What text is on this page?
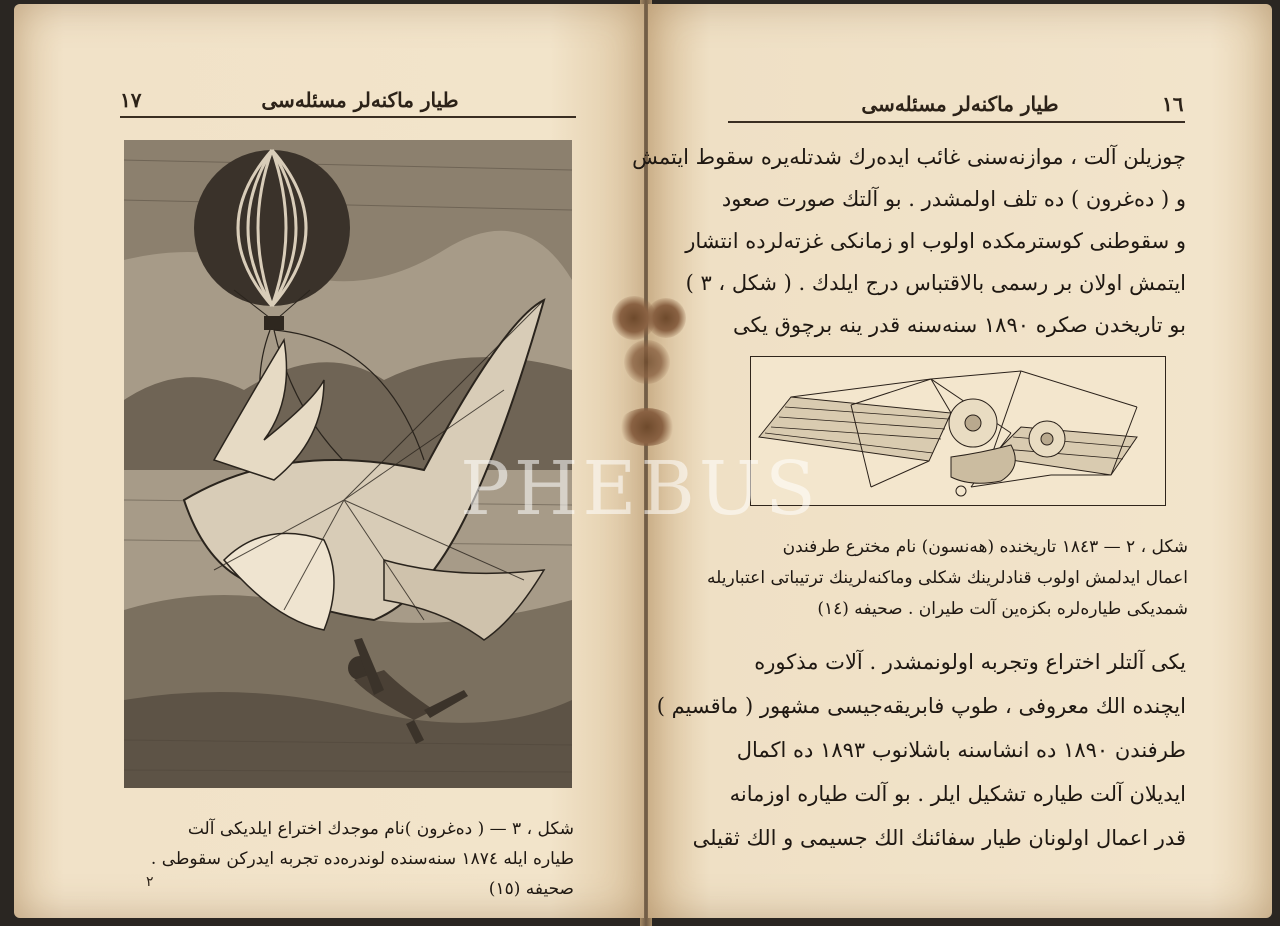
١٧	طيار ماكنه‌لر مسئله‌سى
شكل ، ٣ — ( ده‌غرون )نام موجدك اختراع ايلديكى آلت
طياره ايله ١٨٧٤ سنه‌سنده لوندره‌ده تجربه ايدركن سقوطى .
صحيفه (١٥)
٢
١٦
طيار ماكنه‌لر مسئله‌سى
چوزيلن آلت ، موازنه‌سنى غائب ايده‌رك شدتله‌يره سقوط ايتمش
و ( ده‌غرون ) ده تلف اولمشدر . بو آلتك صورت صعود
و سقوطنى كوسترمكده اولوب او زمانكى غزته‌لرده انتشار
ايتمش اولان بر رسمى بالاقتباس درج ايلدك . ( شكل ، ٣ )
بو تاريخدن صكره ١٨٩٠ سنه‌سنه قدر ينه برچوق يكى
شكل ، ٢ — ١٨٤٣ تاريخنده (هه‌نسون) نام مخترع طرفندن
اعمال ايدلمش اولوب قنادلرينك شكلى وماكنه‌لرينك ترتيباتى اعتباريله
شمديكى طياره‌لره بكزه‌ين آلت طيران . صحيفه (١٤)
يكى آلتلر اختراع وتجربه اولونمشدر . آلات مذكوره
ايچنده الك معروفى ، طوپ فابريقه‌جيسى مشهور ( ماقسيم )
طرفندن ١٨٩٠ ده انشاسنه باشلانوب ١٨٩٣ ده اكمال
ايديلان آلت طياره تشكيل ايلر . بو آلت طياره اوزمانه
قدر اعمال اولونان طيار سفائنك الك جسيمى و الك ثقيلى
PHEBUS
